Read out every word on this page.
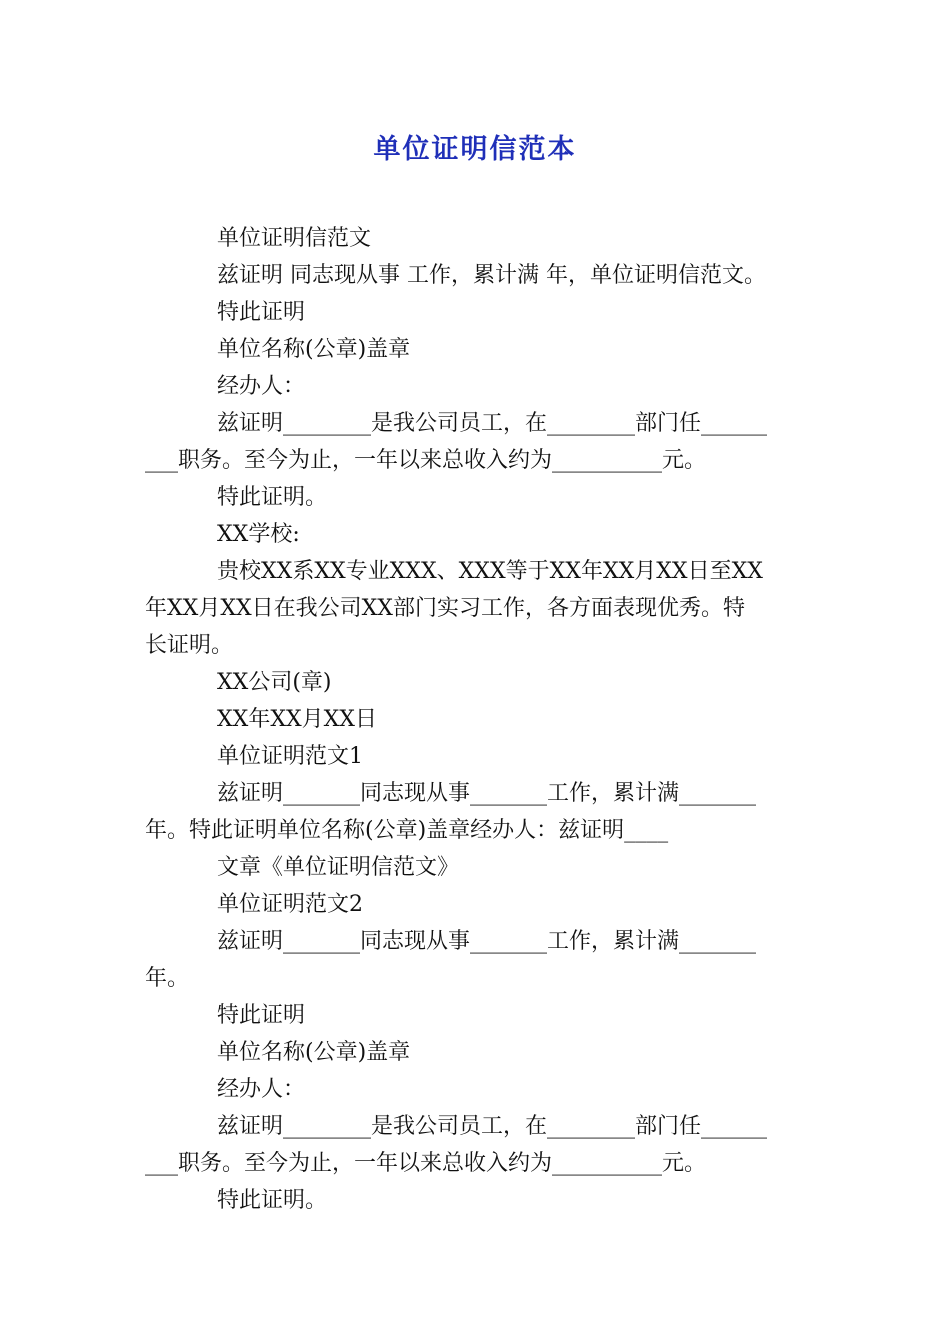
单位证明信范本

单位证明信范文

兹证明 同志现从事 工作，累计满 年，单位证明信范文。

特此证明

单位名称(公章)盖章

经办人：

兹证明________是我公司员工，在________部门任______

___职务。至今为止，一年以来总收入约为__________元。

特此证明。

XX学校:

贵校XX系XX专业XXX、XXX等于XX年XX月XX日至XX

年XX月XX日在我公司XX部门实习工作，各方面表现优秀。特

长证明。

XX公司(章)

XX年XX月XX日

单位证明范文1

兹证明_______同志现从事_______工作，累计满_______

年。特此证明单位名称(公章)盖章经办人：兹证明____

文章《单位证明信范文》

单位证明范文2

兹证明_______同志现从事_______工作，累计满_______

年。

特此证明

单位名称(公章)盖章

经办人：

兹证明________是我公司员工，在________部门任______

___职务。至今为止，一年以来总收入约为__________元。

特此证明。
